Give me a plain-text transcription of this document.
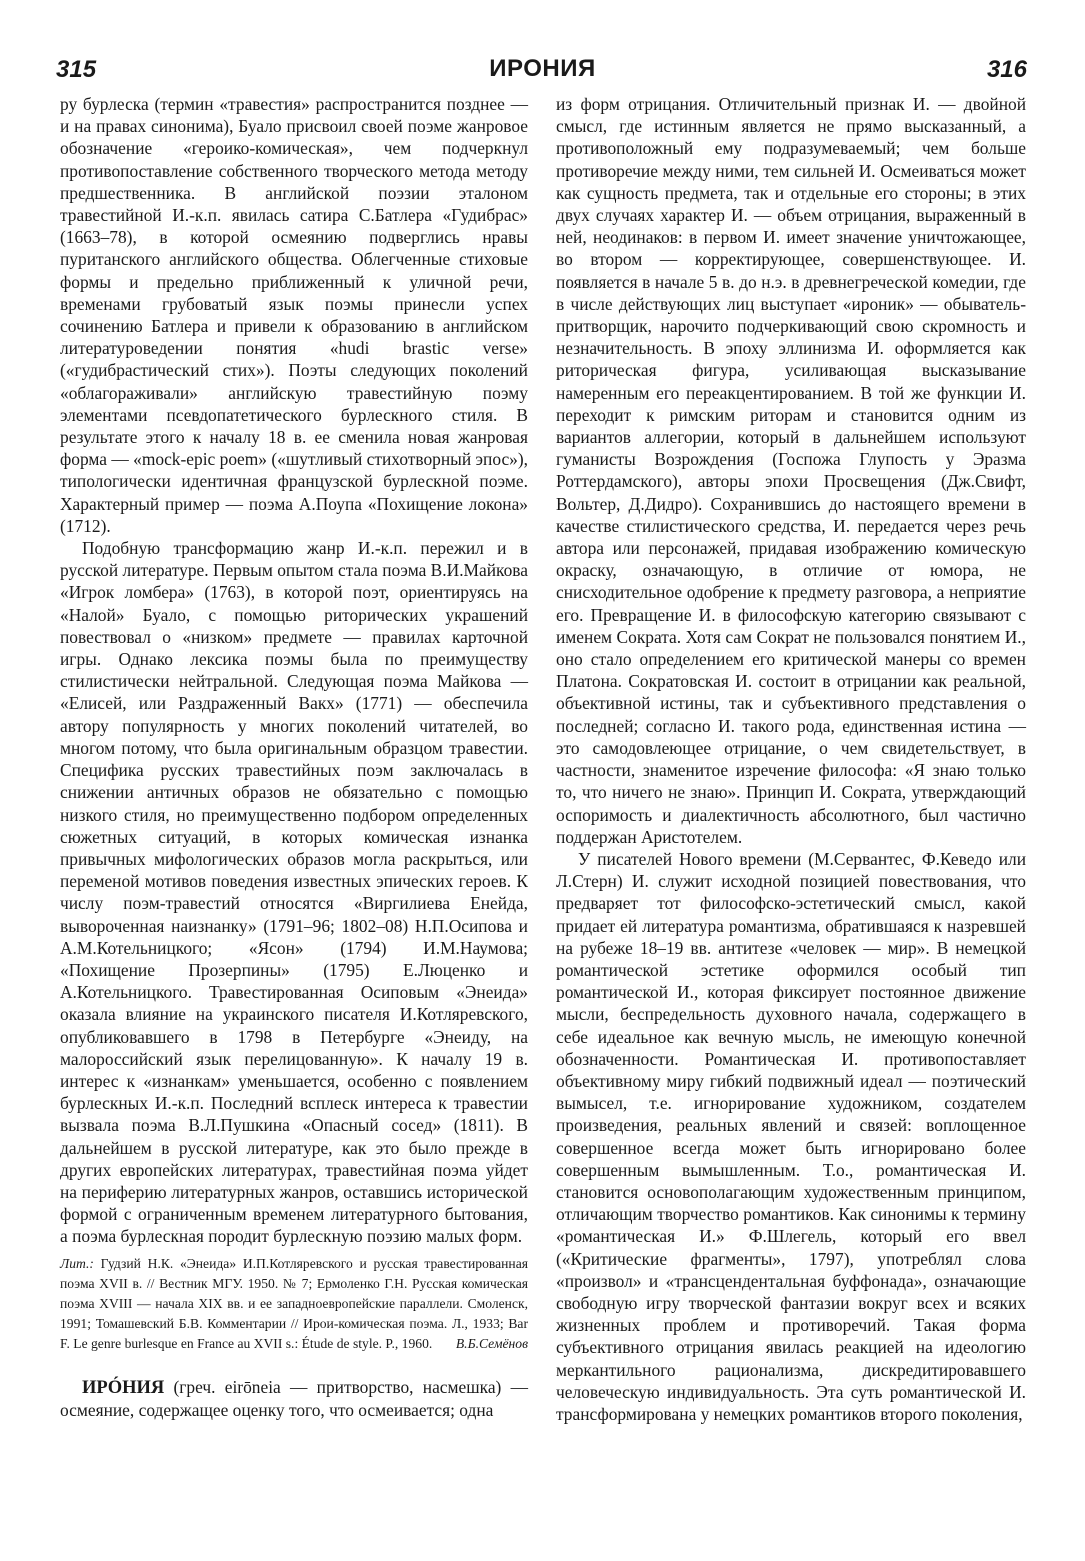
315	ИРОНИЯ	316

ру бурлеска (термин «травестия» распространится позднее — и на правах синонима), Буало присвоил своей поэме жанровое обозначение «героико-комическая», чем подчеркнул противопоставление собственного творческого метода методу предшественника. В английской поэзии эталоном травестийной И.-к.п. явилась сатира С.Батлера «Гудибрас» (1663–78), в которой осмеянию подверглись нравы пуританского английского общества. Облегченные стиховые формы и предельно приближенный к уличной речи, временами грубоватый язык поэмы принесли успех сочинению Батлера и привели к образованию в английском литературоведении понятия «hudi brastic verse» («гудибрастический стих»). Поэты следующих поколений «облагораживали» английскую травестийную поэму элементами псевдопатетического бурлескного стиля. В результате этого к началу 18 в. ее сменила новая жанровая форма — «mock-epic poem» («шутливый стихотворный эпос»), типологически идентичная французской бурлескной поэме. Характерный пример — поэма А.Поупа «Похищение локона» (1712).

Подобную трансформацию жанр И.-к.п. пережил и в русской литературе. Первым опытом стала поэма В.И.Майкова «Игрок ломбера» (1763), в которой поэт, ориентируясь на «Налой» Буало, с помощью риторических украшений повествовал о «низком» предмете — правилах карточной игры. Однако лексика поэмы была по преимуществу стилистически нейтральной. Следующая поэма Майкова — «Елисей, или Раздраженный Вакх» (1771) — обеспечила автору популярность у многих поколений читателей, во многом потому, что была оригинальным образцом травестии. Специфика русских травестийных поэм заключалась в снижении античных образов не обязательно с помощью низкого стиля, но преимущественно подбором определенных сюжетных ситуаций, в которых комическая изнанка привычных мифологических образов могла раскрыться, или переменой мотивов поведения известных эпических героев. К числу поэм-травестий относятся «Виргилиева Енейда, вывороченная наизнанку» (1791–96; 1802–08) Н.П.Осипова и А.М.Котельницкого; «Ясон» (1794) И.М.Наумова; «Похищение Прозерпины» (1795) Е.Люценко и А.Котельницкого. Травестированная Осиповым «Энеида» оказала влияние на украинского писателя И.Котляревского, опубликовавшего в 1798 в Петербурге «Энеиду, на малороссийский язык перелицованную». К началу 19 в. интерес к «изнанкам» уменьшается, особенно с появлением бурлескных И.-к.п. Последний всплеск интереса к травестии вызвала поэма В.Л.Пушкина «Опасный сосед» (1811). В дальнейшем в русской литературе, как это было прежде в других европейских литературах, травестийная поэма уйдет на периферию литературных жанров, оставшись исторической формой с ограниченным временем литературного бытования, а поэма бурлескная породит бурлескную поэзию малых форм.

Лит.: Гудзий Н.К. «Энеида» И.П.Котляревского и русская травестированная поэма XVII в. // Вестник МГУ. 1950. № 7; Ермоленко Г.Н. Русская комическая поэма XVIII — начала XIX вв. и ее западноевропейские параллели. Смоленск, 1991; Томашевский Б.В. Комментарии // Ирои-комическая поэма. Л., 1933; Bar F. Le genre burlesque en France au XVII s.: Étude de style. P., 1960.	В.Б.Семёнов

ИРÓНИЯ (греч. eirōneia — притворство, насмешка) — осмеяние, содержащее оценку того, что осмеивается; одна

из форм отрицания. Отличительный признак И. — двойной смысл, где истинным является не прямо высказанный, а противоположный ему подразумеваемый; чем больше противоречие между ними, тем сильней И. Осмеиваться может как сущность предмета, так и отдельные его стороны; в этих двух случаях характер И. — объем отрицания, выраженный в ней, неодинаков: в первом И. имеет значение уничтожающее, во втором — корректирующее, совершенствующее. И. появляется в начале 5 в. до н.э. в древнегреческой комедии, где в числе действующих лиц выступает «ироник» — обыватель-притворщик, нарочито подчеркивающий свою скромность и незначительность. В эпоху эллинизма И. оформляется как риторическая фигура, усиливающая высказывание намеренным его переакцентированием. В той же функции И. переходит к римским риторам и становится одним из вариантов аллегории, который в дальнейшем используют гуманисты Возрождения (Госпожа Глупость у Эразма Роттердамского), авторы эпохи Просвещения (Дж.Свифт, Вольтер, Д.Дидро). Сохранившись до настоящего времени в качестве стилистического средства, И. передается через речь автора или персонажей, придавая изображению комическую окраску, означающую, в отличие от юмора, не снисходительное одобрение к предмету разговора, а неприятие его. Превращение И. в философскую категорию связывают с именем Сократа. Хотя сам Сократ не пользовался понятием И., оно стало определением его критической манеры со времен Платона. Сократовская И. состоит в отрицании как реальной, объективной истины, так и субъективного представления о последней; согласно И. такого рода, единственная истина — это самодовлеющее отрицание, о чем свидетельствует, в частности, знаменитое изречение философа: «Я знаю только то, что ничего не знаю». Принцип И. Сократа, утверждающий оспоримость и диалектичность абсолютного, был частично поддержан Аристотелем.

У писателей Нового времени (М.Сервантес, Ф.Кеведо или Л.Стерн) И. служит исходной позицией повествования, что предваряет тот философско-эстетический смысл, какой придает ей литература романтизма, обратившаяся к назревшей на рубеже 18–19 вв. антитезе «человек — мир». В немецкой романтической эстетике оформился особый тип романтической И., которая фиксирует постоянное движение мысли, беспредельность духовного начала, содержащего в себе идеальное как вечную мысль, не имеющую конечной обозначенности. Романтическая И. противопоставляет объективному миру гибкий подвижный идеал — поэтический вымысел, т.е. игнорирование художником, создателем произведения, реальных явлений и связей: воплощенное совершенное всегда может быть игнорировано более совершенным вымышленным. Т.о., романтическая И. становится основополагающим художественным принципом, отличающим творчество романтиков. Как синонимы к термину «романтическая И.» Ф.Шлегель, который его ввел («Критические фрагменты», 1797), употреблял слова «произвол» и «трансцендентальная буффонада», означающие свободную игру творческой фантазии вокруг всех и всяких жизненных проблем и противоречий. Такая форма субъективного отрицания явилась реакцией на идеологию меркантильного рационализма, дискредитировавшего человеческую индивидуальность. Эта суть романтической И. трансформирована у немецких романтиков второго поколения,
